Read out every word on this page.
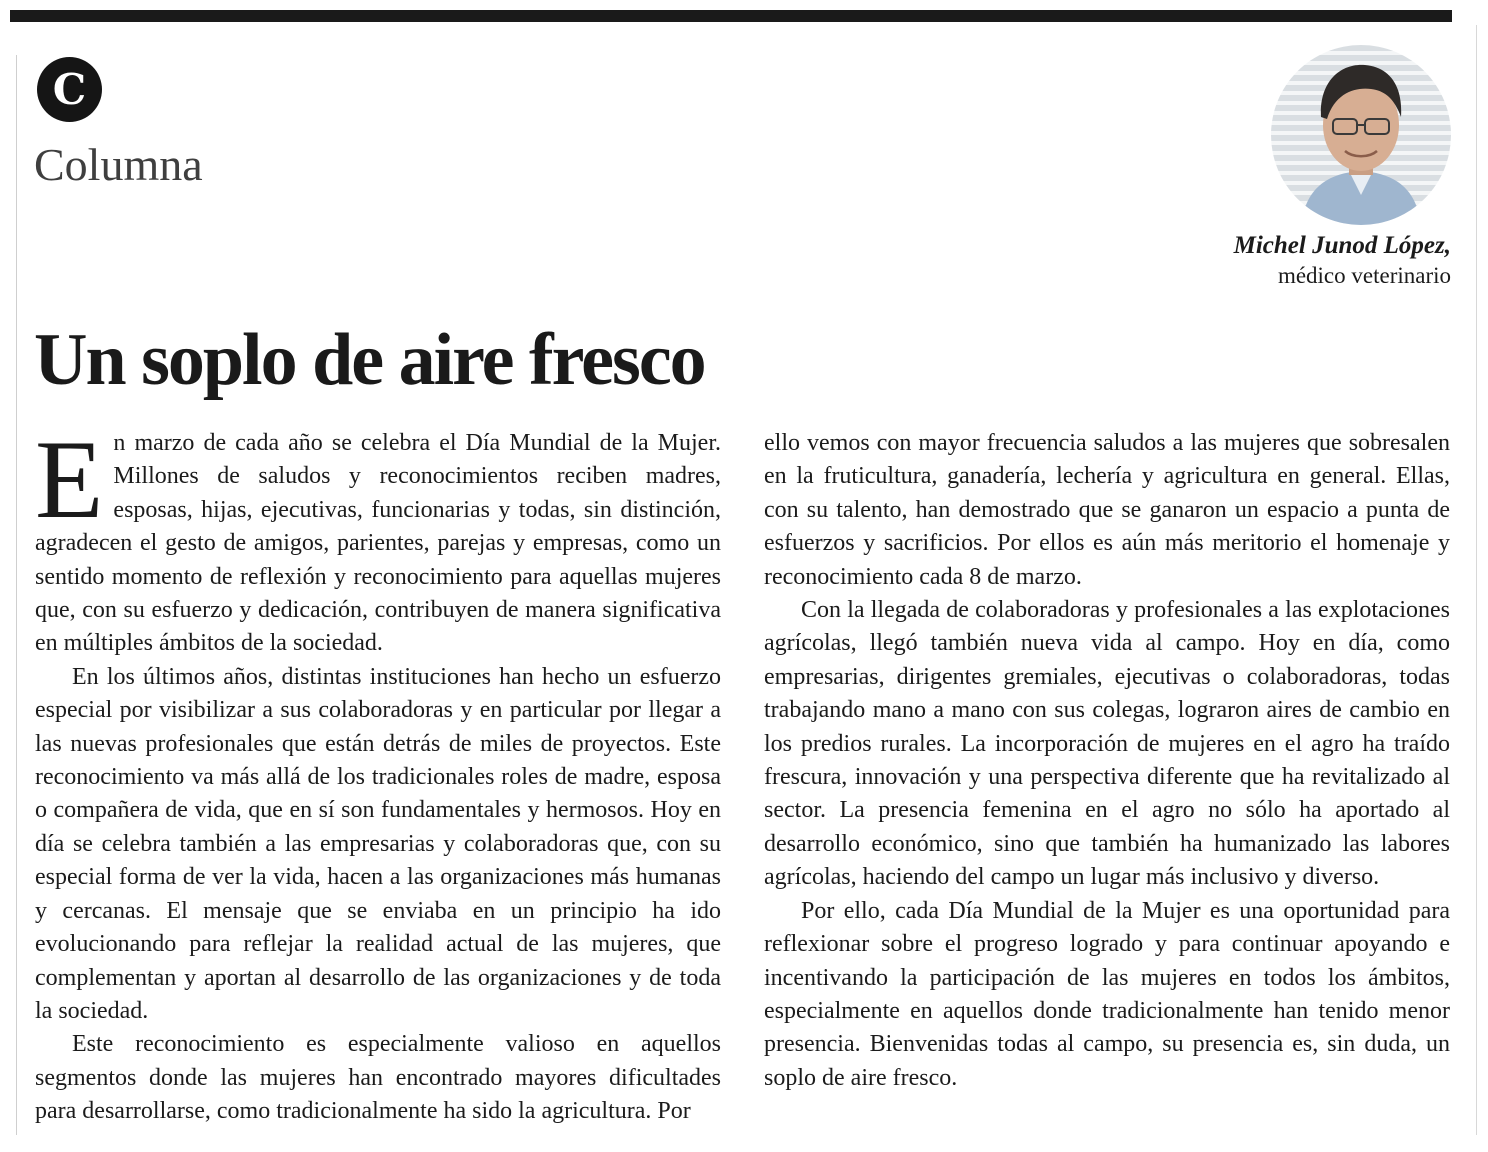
C
Columna
Michel Junod López,
médico veterinario
Un soplo de aire fresco

En marzo de cada año se celebra el Día Mundial de la Mujer. Millones de saludos y reconocimientos reciben madres, esposas, hijas, ejecutivas, funcionarias y todas, sin distinción, agradecen el gesto de amigos, parientes, parejas y empresas, como un sentido momento de reflexión y reconocimiento para aquellas mujeres que, con su esfuerzo y dedicación, contribuyen de manera significativa en múltiples ámbitos de la sociedad.

En los últimos años, distintas instituciones han hecho un esfuerzo especial por visibilizar a sus colaboradoras y en particular por llegar a las nuevas profesionales que están detrás de miles de proyectos. Este reconocimiento va más allá de los tradicionales roles de madre, esposa o compañera de vida, que en sí son fundamentales y hermosos. Hoy en día se celebra también a las empresarias y colaboradoras que, con su especial forma de ver la vida, hacen a las organizaciones más humanas y cercanas. El mensaje que se enviaba en un principio ha ido evolucionando para reflejar la realidad actual de las mujeres, que complementan y aportan al desarrollo de las organizaciones y de toda la sociedad.

Este reconocimiento es especialmente valioso en aquellos segmentos donde las mujeres han encontrado mayores dificultades para desarrollarse, como tradicionalmente ha sido la agricultura. Por

ello vemos con mayor frecuencia saludos a las mujeres que sobresalen en la fruticultura, ganadería, lechería y agricultura en general. Ellas, con su talento, han demostrado que se ganaron un espacio a punta de esfuerzos y sacrificios. Por ellos es aún más meritorio el homenaje y reconocimiento cada 8 de marzo.

Con la llegada de colaboradoras y profesionales a las explotaciones agrícolas, llegó también nueva vida al campo. Hoy en día, como empresarias, dirigentes gremiales, ejecutivas o colaboradoras, todas trabajando mano a mano con sus colegas, lograron aires de cambio en los predios rurales. La incorporación de mujeres en el agro ha traído frescura, innovación y una perspectiva diferente que ha revitalizado al sector. La presencia femenina en el agro no sólo ha aportado al desarrollo económico, sino que también ha humanizado las labores agrícolas, haciendo del campo un lugar más inclusivo y diverso.

Por ello, cada Día Mundial de la Mujer es una oportunidad para reflexionar sobre el progreso logrado y para continuar apoyando e incentivando la participación de las mujeres en todos los ámbitos, especialmente en aquellos donde tradicionalmente han tenido menor presencia. Bienvenidas todas al campo, su presencia es, sin duda, un soplo de aire fresco.
